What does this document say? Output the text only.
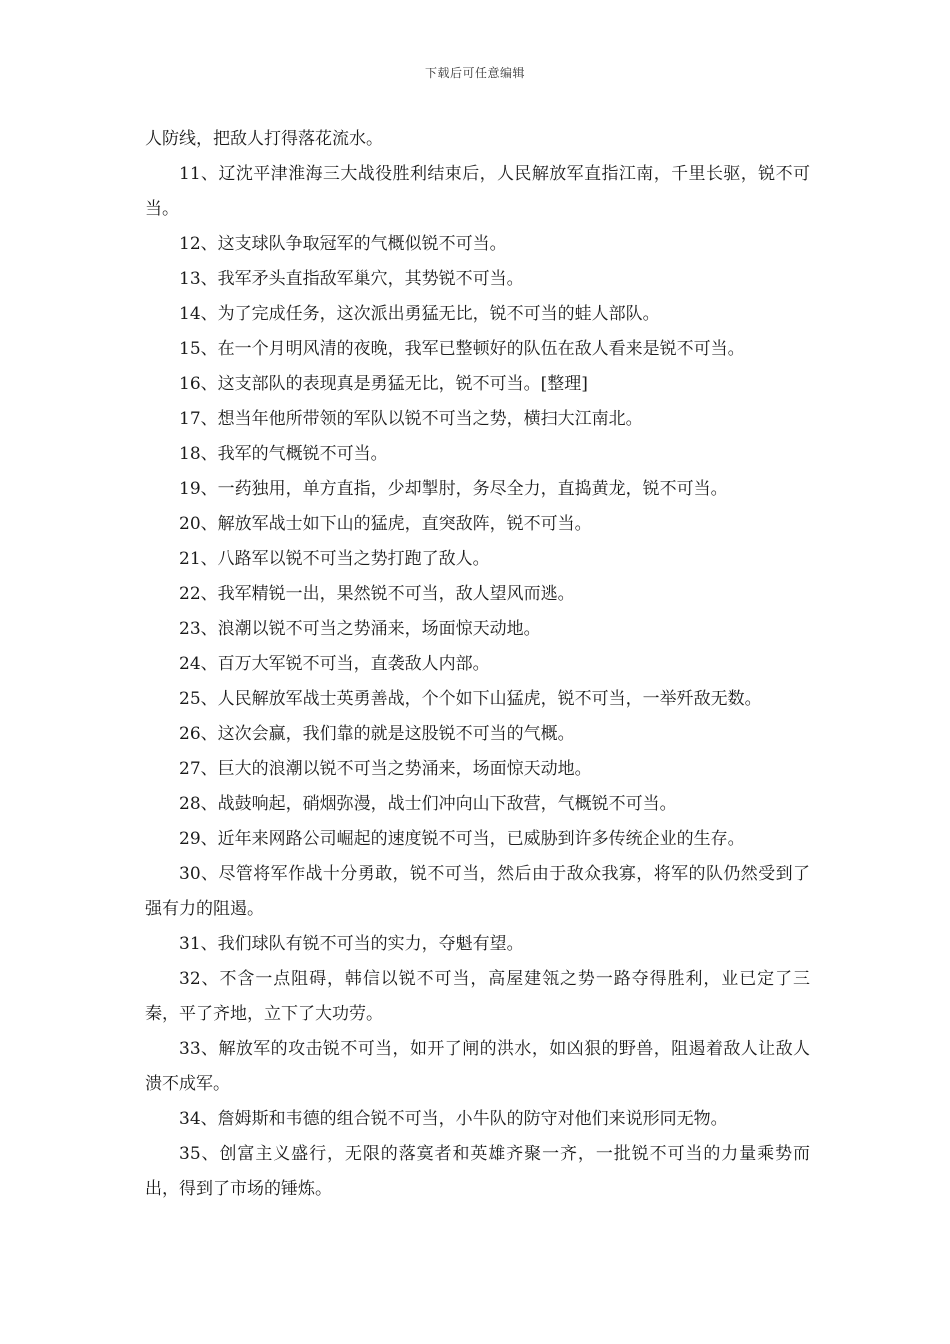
下载后可任意编辑

人防线，把敌人打得落花流水。

11、辽沈平津淮海三大战役胜利结束后，人民解放军直指江南，千里长驱，锐不可当。

12、这支球队争取冠军的气概似锐不可当。

13、我军矛头直指敌军巢穴，其势锐不可当。

14、为了完成任务，这次派出勇猛无比，锐不可当的蛙人部队。

15、在一个月明风清的夜晚，我军已整顿好的队伍在敌人看来是锐不可当。

16、这支部队的表现真是勇猛无比，锐不可当。[整理]

17、想当年他所带领的军队以锐不可当之势，横扫大江南北。

18、我军的气概锐不可当。

19、一药独用，单方直指，少却掣肘，务尽全力，直捣黄龙，锐不可当。

20、解放军战士如下山的猛虎，直突敌阵，锐不可当。

21、八路军以锐不可当之势打跑了敌人。

22、我军精锐一出，果然锐不可当，敌人望风而逃。

23、浪潮以锐不可当之势涌来，场面惊天动地。

24、百万大军锐不可当，直袭敌人内部。

25、人民解放军战士英勇善战，个个如下山猛虎，锐不可当，一举歼敌无数。

26、这次会赢，我们靠的就是这股锐不可当的气概。

27、巨大的浪潮以锐不可当之势涌来，场面惊天动地。

28、战鼓响起，硝烟弥漫，战士们冲向山下敌营，气概锐不可当。

29、近年来网路公司崛起的速度锐不可当，已威胁到许多传统企业的生存。

30、尽管将军作战十分勇敢，锐不可当，然后由于敌众我寡，将军的队仍然受到了强有力的阻遏。

31、我们球队有锐不可当的实力，夺魁有望。

32、不含一点阻碍，韩信以锐不可当，高屋建瓴之势一路夺得胜利，业已定了三秦，平了齐地，立下了大功劳。

33、解放军的攻击锐不可当，如开了闸的洪水，如凶狠的野兽，阻遏着敌人让敌人溃不成军。

34、詹姆斯和韦德的组合锐不可当，小牛队的防守对他们来说形同无物。

35、创富主义盛行，无限的落寞者和英雄齐聚一齐，一批锐不可当的力量乘势而出，得到了市场的锤炼。
